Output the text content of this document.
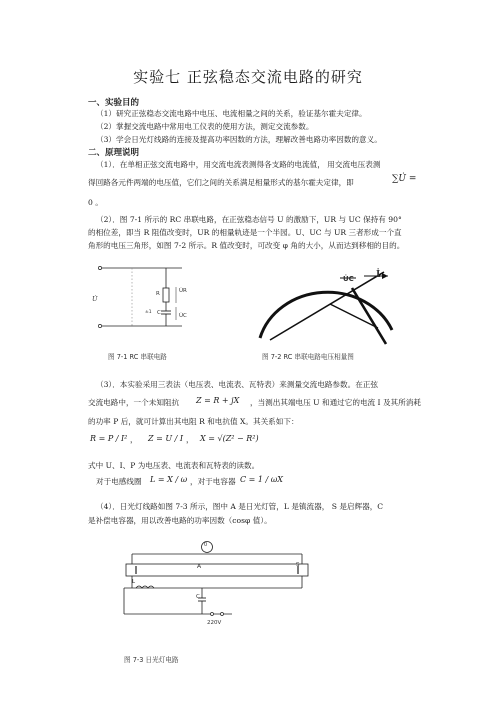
实验七 正弦稳态交流电路的研究
一、实验目的
（1）研究正弦稳态交流电路中电压、电流相量之间的关系，验证基尔霍夫定律。
（2）掌握交流电路中常用电工仪表的使用方法，测定交流参数。
（3）学会日光灯线路的连接及提高功率因数的方法，理解改善电路功率因数的意义。
二、原理说明
（1）．在单相正弦交流电路中，用交流电流表测得各支路的电流值， 用交流电压表测
得回路各元件两端的电压值，它们之间的关系满足相量形式的基尔霍夫定律，即	∑U̇ =
0 。
（2）．图 7-1 所示的 RC 串联电路，在正弦稳态信号 U 的激励下，UR 与 UC 保持有 90°
的相位差，即当 R 阻值改变时，UR 的相量轨迹是一个半园。U、UC 与 UR 三者形成一个直
角形的电压三角形，如图 7-2 所示。R 值改变时，可改变 φ 角的大小，从而达到移相的目的。
U̇
R	U̇R
C	U̇C
±1
U̇C İ
图 7-1 RC 串联电路	图 7-2 RC 串联电路电压相量图
（3）．本实验采用三表法（电压表、电流表、瓦特表）来测量交流电路参数。在正弦
交流电路中，一个未知阻抗 Z = R + jX ，当测出其端电压 U 和通过它的电流 I 及其所消耗
的功率 P 后，就可计算出其电阻 R 和电抗值 X。其关系如下：
R = P / I² ， Z = U / I ， X = √(Z² − R²)
式中 U、I、P 为电压表、电流表和瓦特表的读数。
对于电感线圈 L = X / ω ，对于电容器 C = 1 / ωX
（4）．日光灯线路如图 7-3 所示，图中 A 是日光灯管，L 是镇流器， S 是启辉器，C
是补偿电容器，用以改善电路的功率因数（cosφ 值）。
0
A
L
C
S
220V
图 7-3 日光灯电路
